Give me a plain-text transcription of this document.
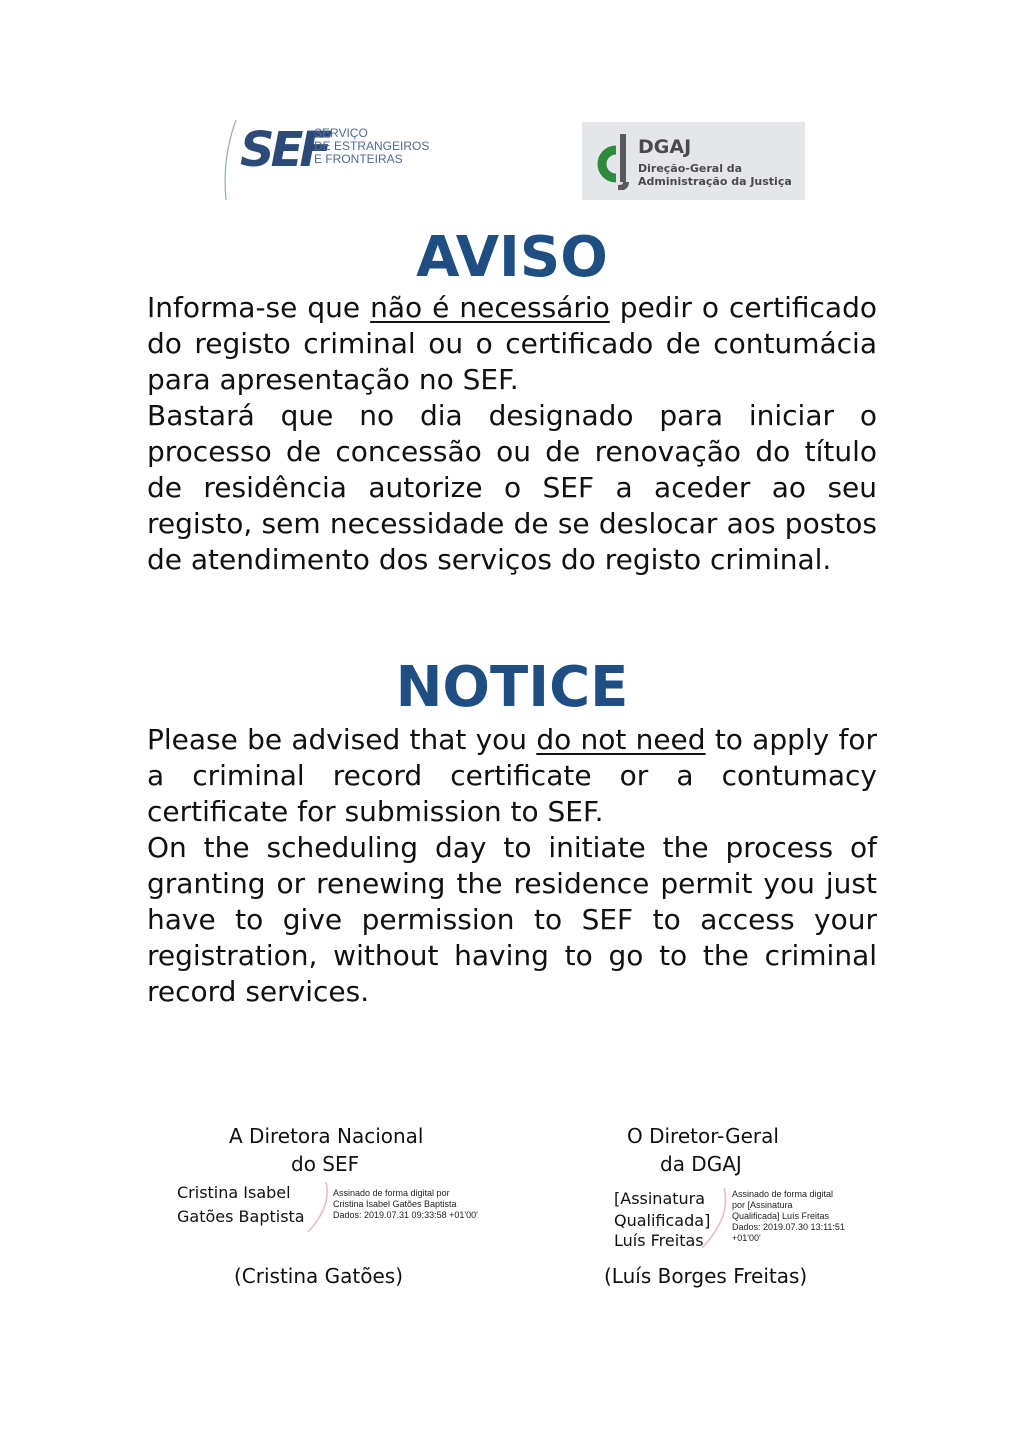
SEF
SERVIÇO
DE ESTRANGEIROS
E FRONTEIRAS
DGAJ
Direção-Geral da
Administração da Justiça
AVISO

Informa-se que não é necessário pedir o certificado do registo criminal ou o certificado de contumácia para apresentação no SEF.

Bastará que no dia designado para iniciar o processo de concessão ou de renovação do título de residência autorize o SEF a aceder ao seu registo, sem necessidade de se deslocar aos postos de atendimento dos serviços do registo criminal.

NOTICE

Please be advised that you do not need to apply for a criminal record certificate or a contumacy certificate for submission to SEF.

On the scheduling day to initiate the process of granting or renewing the residence permit you just have to give permission to SEF to access your registration, without having to go to the criminal record services.

A Diretora Nacional
do SEF
Cristina Isabel
Gatões Baptista
Assinado de forma digital por
Cristina Isabel Gatões Baptista
Dados: 2019.07.31 09:33:58 +01'00'
(Cristina Gatões)
O Diretor-Geral
da DGAJ
[Assinatura
Qualificada]
Luís Freitas
Assinado de forma digital
por [Assinatura
Qualificada] Luís Freitas
Dados: 2019.07.30 13:11:51
+01'00'
(Luís Borges Freitas)
